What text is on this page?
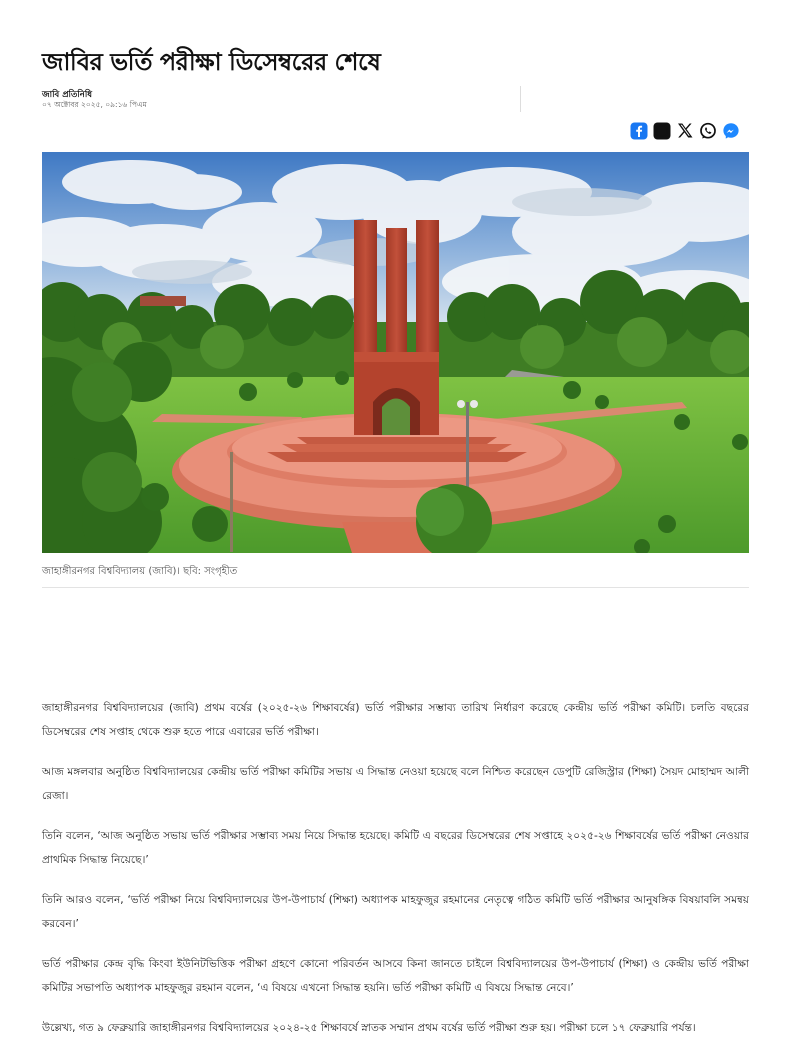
জাবির ভর্তি পরীক্ষা ডিসেম্বরের শেষে
জাবি প্রতিনিধি
০৭ অক্টোবর ২০২৫, ০৯:১৬ পিএম
জাহাঙ্গীরনগর বিশ্ববিদ্যালয় (জাবি)। ছবি: সংগৃহীত

জাহাঙ্গীরনগর বিশ্ববিদ্যালয়ের (জাবি) প্রথম বর্ষের (২০২৫-২৬ শিক্ষাবর্ষের) ভর্তি পরীক্ষার সম্ভাব্য তারিখ নির্ধারণ করেছে কেন্দ্রীয় ভর্তি পরীক্ষা কমিটি। চলতি বছরের ডিসেম্বরের শেষ সপ্তাহ থেকে শুরু হতে পারে এবারের ভর্তি পরীক্ষা।

আজ মঙ্গলবার অনুষ্ঠিত বিশ্ববিদ্যালয়ের কেন্দ্রীয় ভর্তি পরীক্ষা কমিটির সভায় এ সিদ্ধান্ত নেওয়া হয়েছে বলে নিশ্চিত করেছেন ডেপুটি রেজিস্ট্রার (শিক্ষা) সৈয়দ মোহাম্মদ আলী রেজা।

তিনি বলেন, ‘আজ অনুষ্ঠিত সভায় ভর্তি পরীক্ষার সম্ভাব্য সময় নিয়ে সিদ্ধান্ত হয়েছে। কমিটি এ বছরের ডিসেম্বরের শেষ সপ্তাহে ২০২৫-২৬ শিক্ষাবর্ষের ভর্তি পরীক্ষা নেওয়ার প্রাথমিক সিদ্ধান্ত নিয়েছে।’

তিনি আরও বলেন, ‘ভর্তি পরীক্ষা নিয়ে বিশ্ববিদ্যালয়ের উপ-উপাচার্য (শিক্ষা) অধ্যাপক মাহফুজুর রহমানের নেতৃত্বে গঠিত কমিটি ভর্তি পরীক্ষার আনুষঙ্গিক বিষয়াবলি সমন্বয় করবেন।’

ভর্তি পরীক্ষার কেন্দ্র বৃদ্ধি কিংবা ইউনিটভিত্তিক পরীক্ষা গ্রহণে কোনো পরিবর্তন আসবে কিনা জানতে চাইলে বিশ্ববিদ্যালয়ের উপ-উপাচার্য (শিক্ষা) ও কেন্দ্রীয় ভর্তি পরীক্ষা কমিটির সভাপতি অধ্যাপক মাহফুজুর রহমান বলেন, ‘এ বিষয়ে এখনো সিদ্ধান্ত হয়নি। ভর্তি পরীক্ষা কমিটি এ বিষয়ে সিদ্ধান্ত নেবে।’

উল্লেখ্য, গত ৯ ফেব্রুয়ারি জাহাঙ্গীরনগর বিশ্ববিদ্যালয়ের ২০২৪-২৫ শিক্ষাবর্ষে স্নাতক সম্মান প্রথম বর্ষের ভর্তি পরীক্ষা শুরু হয়। পরীক্ষা চলে ১৭ ফেব্রুয়ারি পর্যন্ত।
